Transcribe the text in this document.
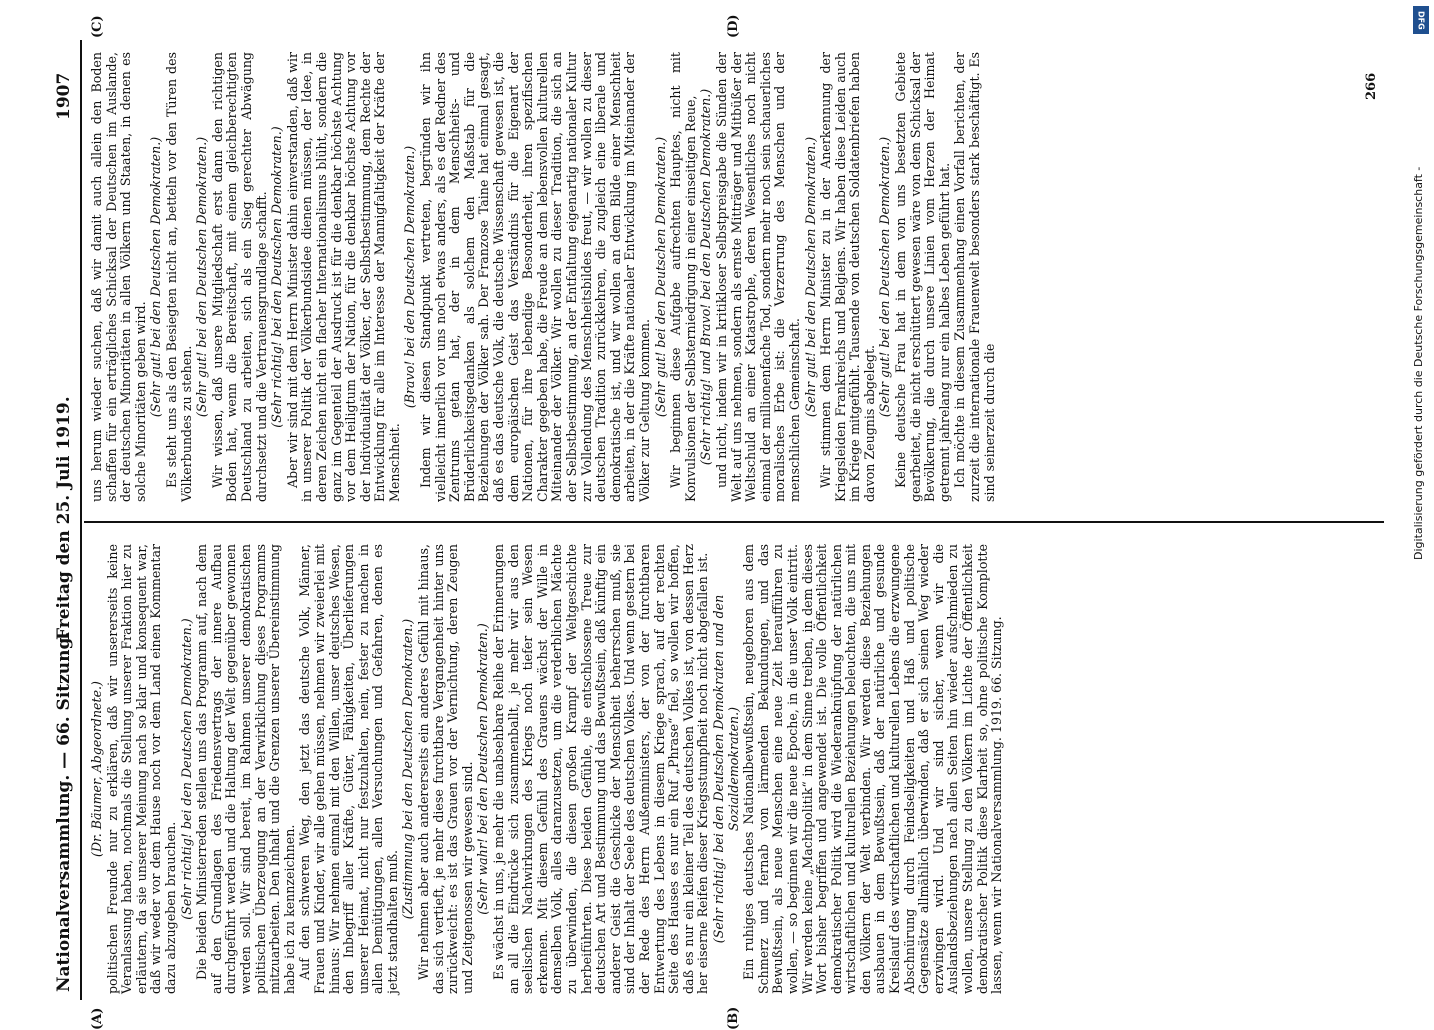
Nationalversammlung. — 66. Sitzung.
Freitag den 25. Juli 1919.
1907
(A)	(B)
(C)	(D)

(Dr. Bäumer, Abgeordnete.) politischen Freunde nur zu erklären, daß wir unsererseits keine Veranlassung haben, nochmals die Stellung unserer Fraktion hier zu erläutern, da sie unserer Meinung nach so klar und konsequent war, daß wir weder vor dem Hause noch vor dem Land einen Kommentar dazu abzugeben brauchen. (Sehr richtig! bei den Deutschen Demokraten.) Die beiden Ministerreden stellen uns das Programm auf, nach dem auf den Grundlagen des Friedensvertrags der innere Aufbau durchgeführt werden und die Haltung der Welt gegenüber gewonnen werden soll. Wir sind bereit, im Rahmen unserer demokratischen politischen Überzeugung an der Verwirklichung dieses Programms mitzuarbeiten. Den Inhalt und die Grenzen unserer Übereinstimmung habe ich zu kennzeichnen. Auf den schweren Weg, den jetzt das deutsche Volk, Männer, Frauen und Kinder, wir alle gehen müssen, nehmen wir zweierlei mit hinaus: Wir nehmen einmal mit den Willen, unser deutsches Wesen, den Inbegriff aller Kräfte, Güter, Fähigkeiten, Überlieferungen unserer Heimat, nicht nur festzuhalten, nein, fester zu machen in allen Demütigungen, allen Versuchungen und Gefahren, denen es jetzt standhalten muß.

(Zustimmung bei den Deutschen Demokraten.) Wir nehmen aber auch andererseits ein anderes Gefühl mit hinaus, das sich vertieft, je mehr diese furchtbare Vergangenheit hinter uns zurückweicht: es ist das Grauen vor der Vernichtung, deren Zeugen und Zeitgenossen wir gewesen sind. (Sehr wahr! bei den Deutschen Demokraten.) Es wächst in uns, je mehr die unabsehbare Reihe der Erinnerungen an all die Eindrücke sich zusammenballt, je mehr wir aus den seelischen Nachwirkungen des Kriegs noch tiefer sein Wesen erkennen. Mit diesem Gefühl des Grauens wächst der Wille in demselben Volk, alles daranzusetzen, um die verderblichen Mächte zu überwinden, die diesen großen Krampf der Weltgeschichte herbeiführten. Diese beiden Gefühle, die entschlossene Treue zur deutschen Art und Bestimmung und das Bewußtsein, daß künftig ein anderer Geist die Geschicke der Menschheit beherrschen muß, sie sind der Inhalt der Seele des deutschen Volkes. Und wenn gestern bei der Rede des Herrn Außenministers, der von der furchtbaren Entwertung des Lebens in diesem Kriege sprach, auf der rechten Seite des Hauses es nur ein Ruf „Phrase“ fiel, so wollen wir hoffen, daß es nur ein kleiner Teil des deutschen Volkes ist, von dessen Herz her eiserne Reifen dieser Kriegsstumpfheit noch nicht abgefallen ist. (Sehr richtig! bei den Deutschen Demokraten und den Sozialdemokraten.) Ein ruhiges deutsches Nationalbewußtsein, neugeboren aus dem Schmerz und fernab von lärmenden Bekundungen, und das Bewußtsein, als neue Menschen eine neue Zeit heraufführen zu wollen, — so beginnen wir die neue Epoche, in die unser Volk eintritt. Wir werden keine „Machtpolitik“ in dem Sinne treiben, in dem dieses Wort bisher begriffen und angewendet ist. Die volle Öffentlichkeit demokratischer Politik wird die Wiederanknüpfung der natürlichen wirtschaftlichen und kulturellen Beziehungen beleuchten, die uns mit den Völkern der Welt verbinden. Wir werden diese Beziehungen ausbauen in dem Bewußtsein, daß der natürliche und gesunde Kreislauf des wirtschaftlichen und kulturellen Lebens die erzwungene Abschnürung durch Feindseligkeiten und Haß und politische Gegensätze allmählich überwinden, daß er sich seinen Weg wieder erzwingen wird. Und wir sind sicher, wenn wir die Auslandsbeziehungen nach allen Seiten hin wieder aufschmieden zu wollen, unsere Stellung zu den Völkern im Lichte der Öffentlichkeit demokratischer Politik diese Klarheit so, ohne politische Komplotte lassen, wenn wir Nationalversammlung. 1919. 66. Sitzung.

uns herum wieder suchen, daß wir damit auch allein den Boden schaffen für ein erträgliches Schicksal der Deutschen im Auslande, der deutschen Minoritäten in allen Völkern und Staaten, in denen es solche Minoritäten geben wird. (Sehr gut! bei den Deutschen Demokraten.) Es steht uns als den Besiegten nicht an, betteln vor den Türen des Völkerbundes zu stehen.

(Sehr gut! bei den Deutschen Demokraten.) Wir wissen, daß unsere Mitgliedschaft erst dann den richtigen Boden hat, wenn die Bereitschaft, mit einem gleichberechtigten Deutschland zu arbeiten, sich als ein Sieg gerechter Abwägung durchsetzt und die Vertrauensgrundlage schafft. (Sehr richtig! bei den Deutschen Demokraten.) Aber wir sind mit dem Herrn Minister dahin einverstanden, daß wir in unserer Politik der Völkerbundsidee dienen müssen, der Idee, in deren Zeichen nicht ein flacher Internationalismus blüht, sondern die ganz im Gegenteil der Ausdruck ist für die denkbar höchste Achtung vor dem Heiligtum der Nation, für die denkbar höchste Achtung vor der Individualität der Völker, der Selbstbestimmung, dem Rechte der Entwicklung für alle im Interesse der Mannigfaltigkeit der Kräfte der Menschheit.

(Bravo! bei den Deutschen Demokraten.) Indem wir diesen Standpunkt vertreten, begründen wir ihn vielleicht innerlich vor uns noch etwas anders, als es der Redner des Zentrums getan hat, der in dem Menschheits- und Brüderlichkeitsgedanken als solchem den Maßstab für die Beziehungen der Völker sah. Der Franzose Taine hat einmal gesagt, daß es das deutsche Volk, die deutsche Wissenschaft gewesen ist, die dem europäischen Geist das Verständnis für die Eigenart der Nationen, für ihre lebendige Besonderheit, ihren spezifischen Charakter gegeben habe, die Freude an dem lebensvollen kulturellen Miteinander der Völker. Wir wollen zu dieser Tradition, die sich an der Selbstbestimmung, an der Entfaltung eigenartig nationaler Kultur zur Vollendung des Menschheitsbildes freut, — wir wollen zu dieser deutschen Tradition zurückkehren, die zugleich eine liberale und demokratische ist, und wir wollen an dem Bilde einer Menschheit arbeiten, in der die Kräfte nationaler Entwicklung im Miteinander der Völker zur Geltung kommen. (Sehr gut! bei den Deutschen Demokraten.) Wir beginnen diese Aufgabe aufrechten Hauptes, nicht mit Konvulsionen der Selbsterniedrigung in einer einseitigen Reue, (Sehr richtig! und Bravo! bei den Deutschen Demokraten.) und nicht, indem wir in kritikloser Selbstpreisgabe die Sünden der Welt auf uns nehmen, sondern als ernste Mitträger und Mitbüßer der Weltschuld an einer Katastrophe, deren Wesentliches noch nicht einmal der millionenfache Tod, sondern mehr noch sein schauerliches moralisches Erbe ist: die Verzerrung des Menschen und der menschlichen Gemeinschaft. (Sehr gut! bei den Deutschen Demokraten.) Wir stimmen dem Herrn Minister zu in der Anerkennung der Kriegsleiden Frankreichs und Belgiens. Wir haben diese Leiden auch im Kriege mitgefühlt. Tausende von deutschen Soldatenbriefen haben davon Zeugnis abgelegt.

(Sehr gut! bei den Deutschen Demokraten.) Keine deutsche Frau hat in dem von uns besetzten Gebiete gearbeitet, die nicht erschüttert gewesen wäre von dem Schicksal der Bevölkerung, die durch unsere Linien vom Herzen der Heimat getrennt jahrelang nur ein halbes Leben geführt hat. Ich möchte in diesem Zusammenhang einen Vorfall berichten, der zurzeit die internationale Frauenwelt besonders stark beschäftigt. Es sind seinerzeit durch die

266
Digitalisierung gefördert durch die Deutsche Forschungsgemeinschaft -
DFG
